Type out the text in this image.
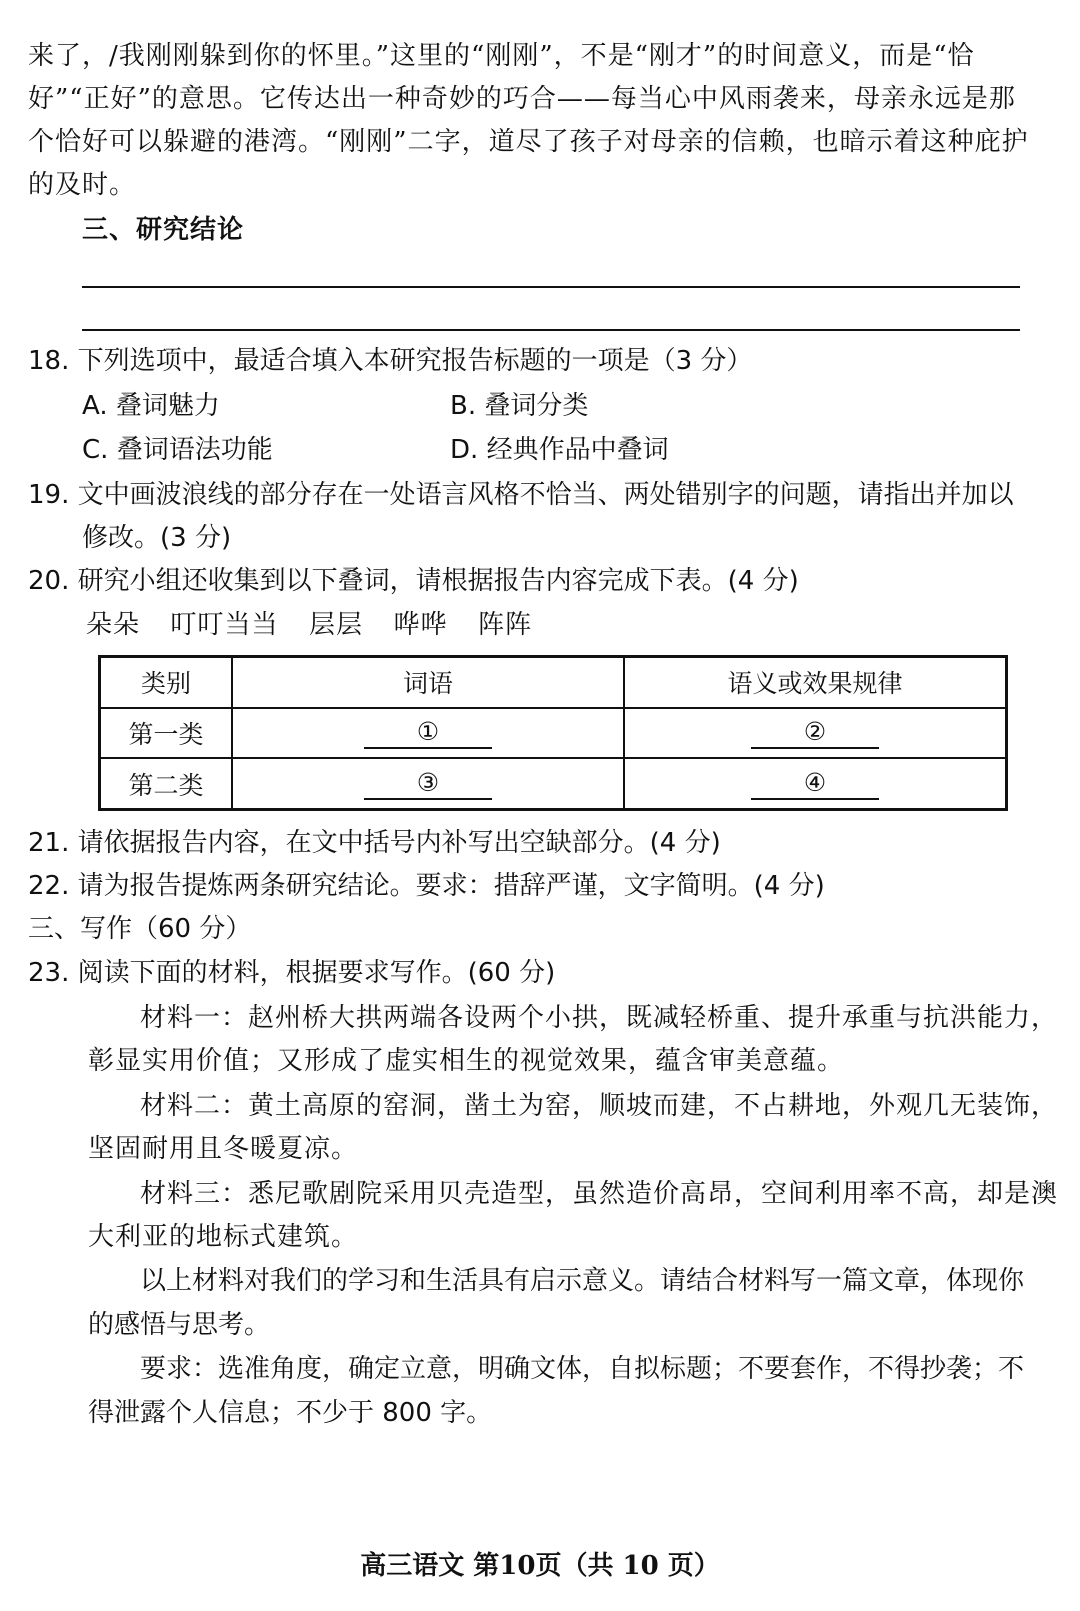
来了，/我刚刚躲到你的怀里。”这里的“刚刚”，不是“刚才”的时间意义，而是“恰
好”“正好”的意思。它传达出一种奇妙的巧合——每当心中风雨袭来，母亲永远是那
个恰好可以躲避的港湾。“刚刚”二字，道尽了孩子对母亲的信赖，也暗示着这种庇护
的及时。
三、研究结论
18. 下列选项中，最适合填入本研究报告标题的一项是（3 分）
A. 叠词魅力	B. 叠词分类
C. 叠词语法功能	D. 经典作品中叠词
19. 文中画波浪线的部分存在一处语言风格不恰当、两处错别字的问题，请指出并加以
修改。(3 分)
20. 研究小组还收集到以下叠词，请根据报告内容完成下表。(4 分)
朵朵  叮叮当当  层层  哗哗  阵阵
类别	词语	语义或效果规律
第一类	①	②
第二类	③	④
21. 请依据报告内容，在文中括号内补写出空缺部分。(4 分)
22. 请为报告提炼两条研究结论。要求：措辞严谨，文字简明。(4 分)
三、写作（60 分）
23. 阅读下面的材料，根据要求写作。(60 分)
材料一：赵州桥大拱两端各设两个小拱，既减轻桥重、提升承重与抗洪能力，
彰显实用价值；又形成了虚实相生的视觉效果，蕴含审美意蕴。
材料二：黄土高原的窑洞，凿土为窑，顺坡而建，不占耕地，外观几无装饰，
坚固耐用且冬暖夏凉。
材料三：悉尼歌剧院采用贝壳造型，虽然造价高昂，空间利用率不高，却是澳
大利亚的地标式建筑。
以上材料对我们的学习和生活具有启示意义。请结合材料写一篇文章，体现你
的感悟与思考。
要求：选准角度，确定立意，明确文体，自拟标题；不要套作，不得抄袭；不
得泄露个人信息；不少于 800 字。
高三语文 第10页（共 10 页）
